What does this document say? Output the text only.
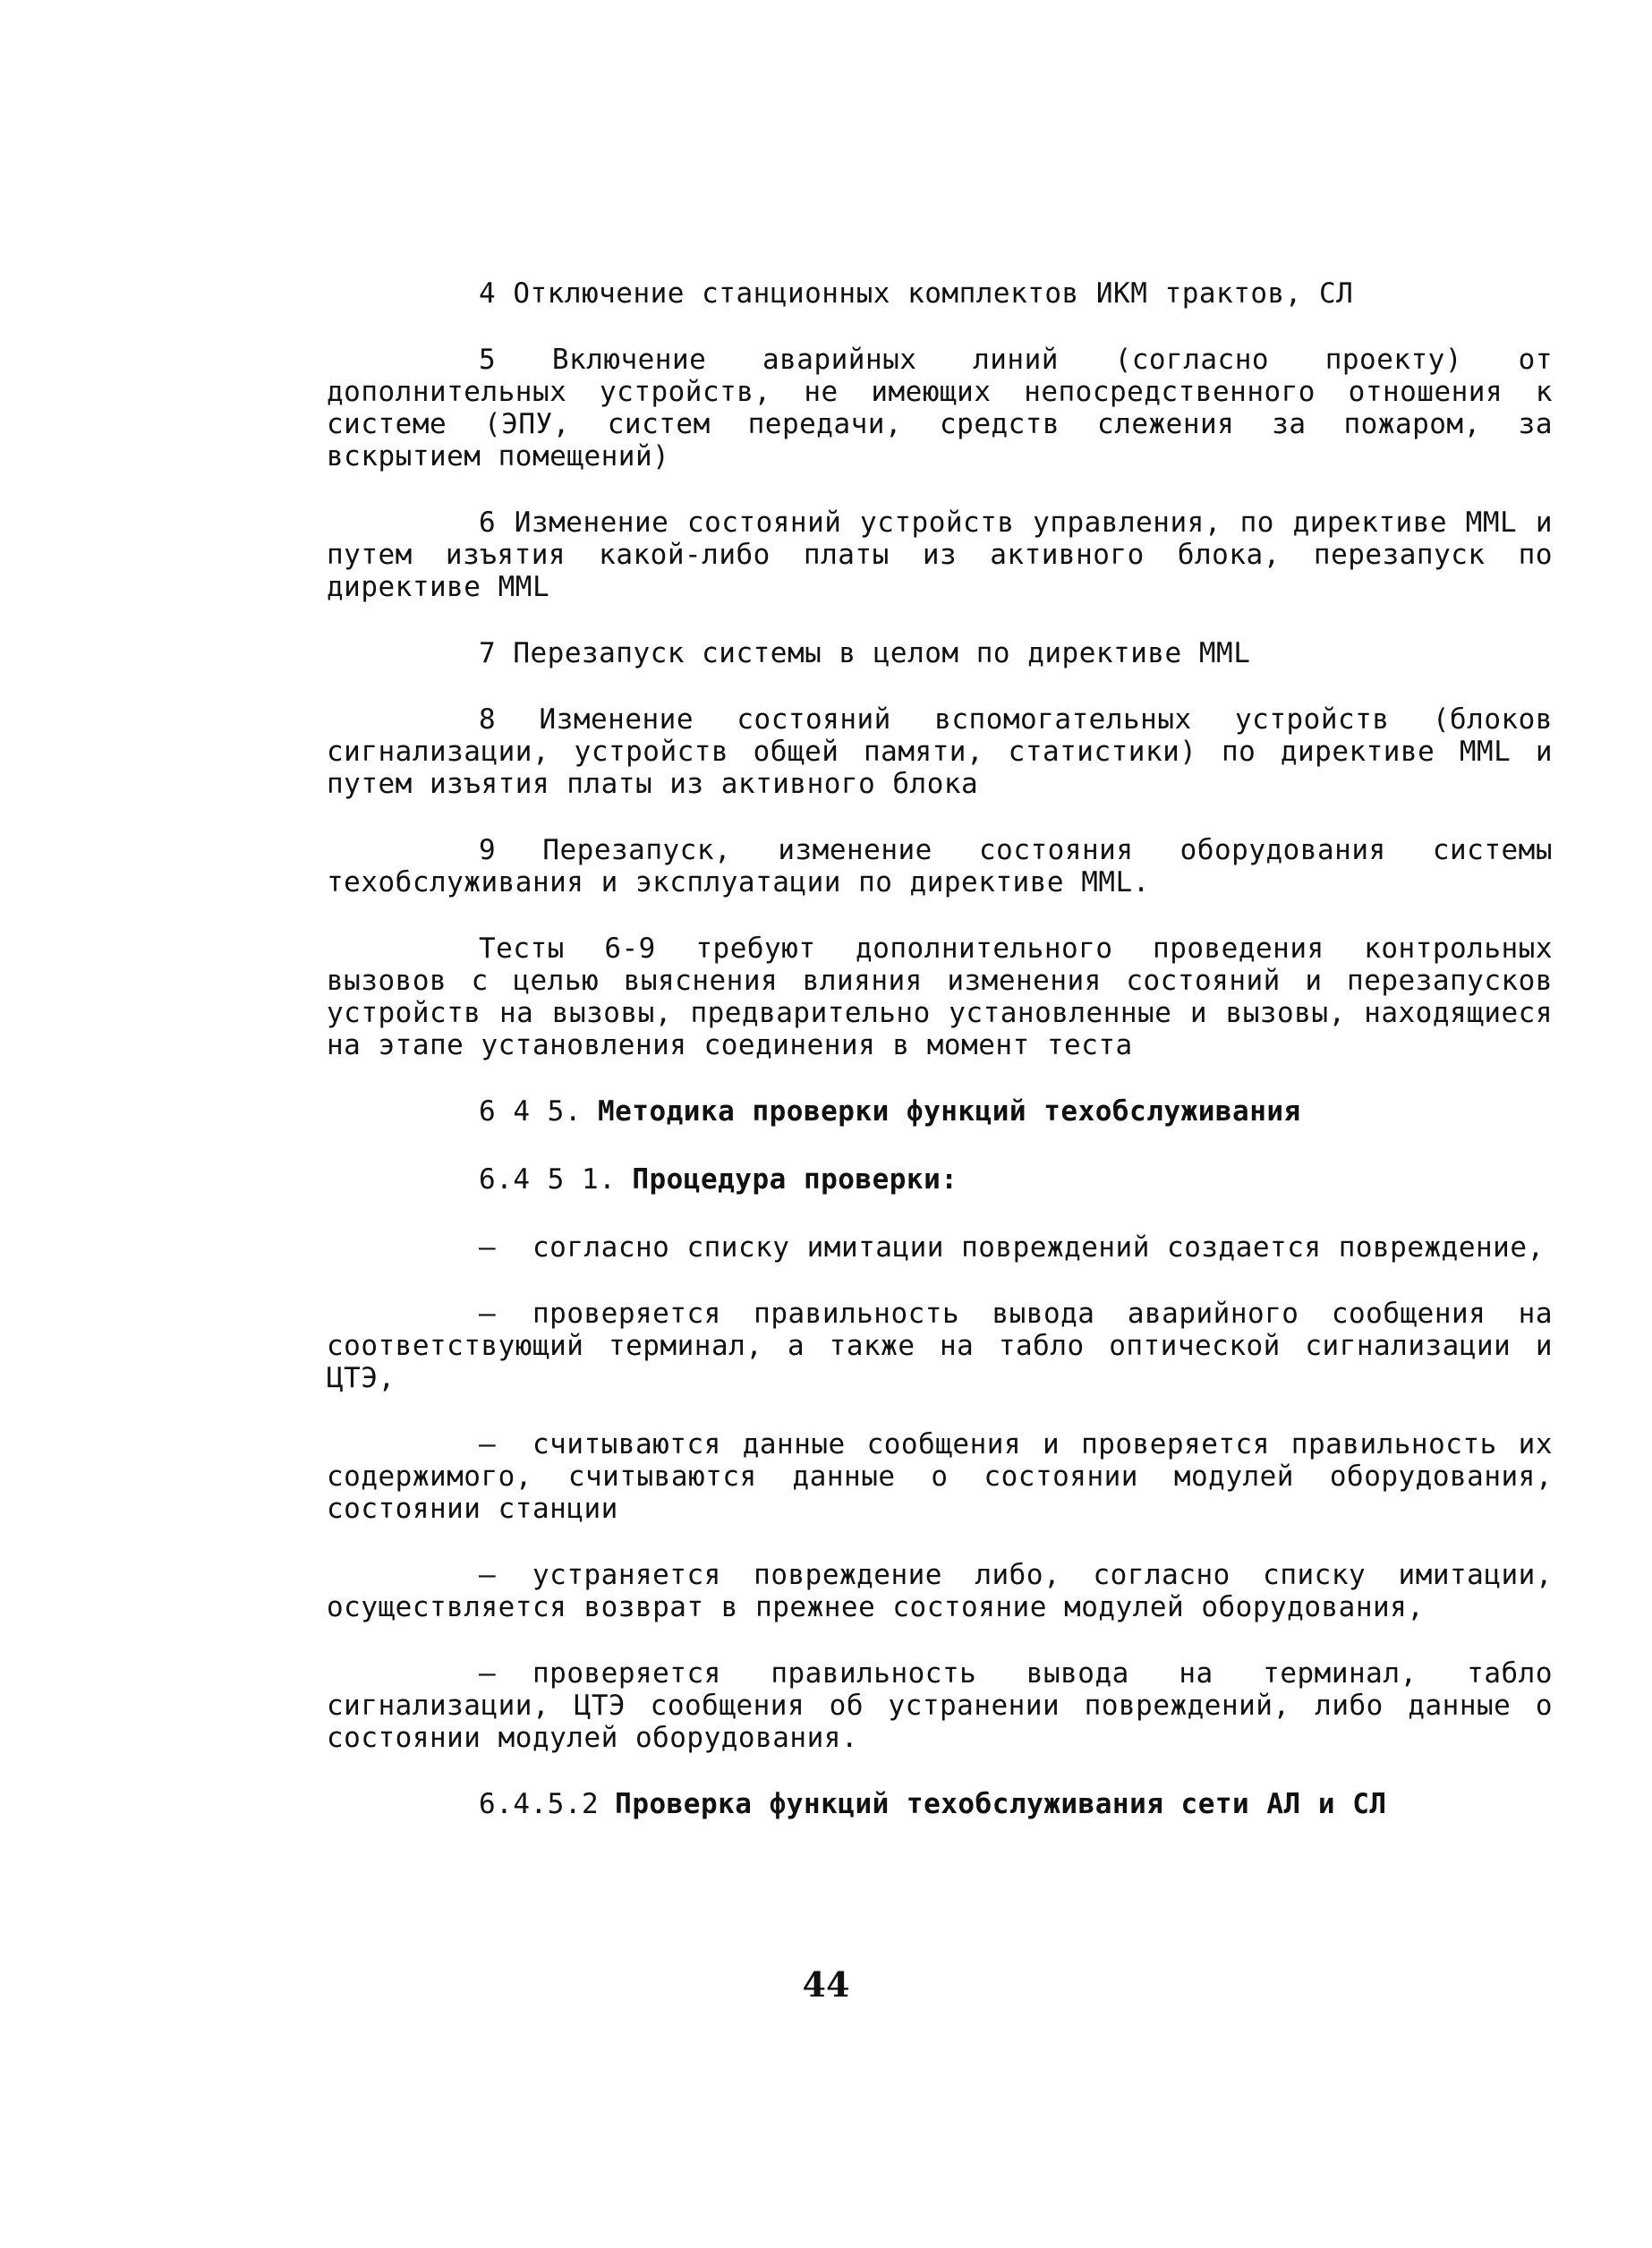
4 Отключение станционных комплектов ИКМ трактов, СЛ

5 Включение аварийных линий (согласно проекту) от дополнительных устройств, не имеющих непосредственного отношения к системе (ЭПУ, систем передачи, средств слежения за пожаром, за вскрытием помещений)

6 Изменение состояний устройств управления, по директиве MML и путем изъятия какой-либо платы из активного блока, перезапуск по директиве MML

7 Перезапуск системы в целом по директиве MML

8 Изменение состояний вспомогательных устройств (блоков сигнализации, устройств общей памяти, статистики) по директиве MML и путем изъятия платы из активного блока

9 Перезапуск, изменение состояния оборудования системы техобслуживания и эксплуатации по директиве MML.

Тесты 6-9 требуют дополнительного проведения контрольных вызовов с целью выяснения влияния изменения состояний и перезапусков устройств на вызовы, предварительно установленные и вызовы, находящиеся на этапе установления соединения в момент теста

6 4 5. Методика проверки функций техобслуживания
6.4 5 1. Процедура проверки:

– согласно списку имитации повреждений создается повреждение,

– проверяется правильность вывода аварийного сообщения на соответствующий терминал, а также на табло оптической сигнализации и ЦТЭ,

– считываются данные сообщения и проверяется правильность их содержимого, считываются данные о состоянии модулей оборудования, состоянии станции

– устраняется повреждение либо, согласно списку имитации, осуществляется возврат в прежнее состояние модулей оборудования,

– проверяется правильность вывода на терминал, табло сигнализации, ЦТЭ сообщения об устранении повреждений, либо данные о состоянии модулей оборудования.

6.4.5.2 Проверка функций техобслуживания сети АЛ и СЛ
44
